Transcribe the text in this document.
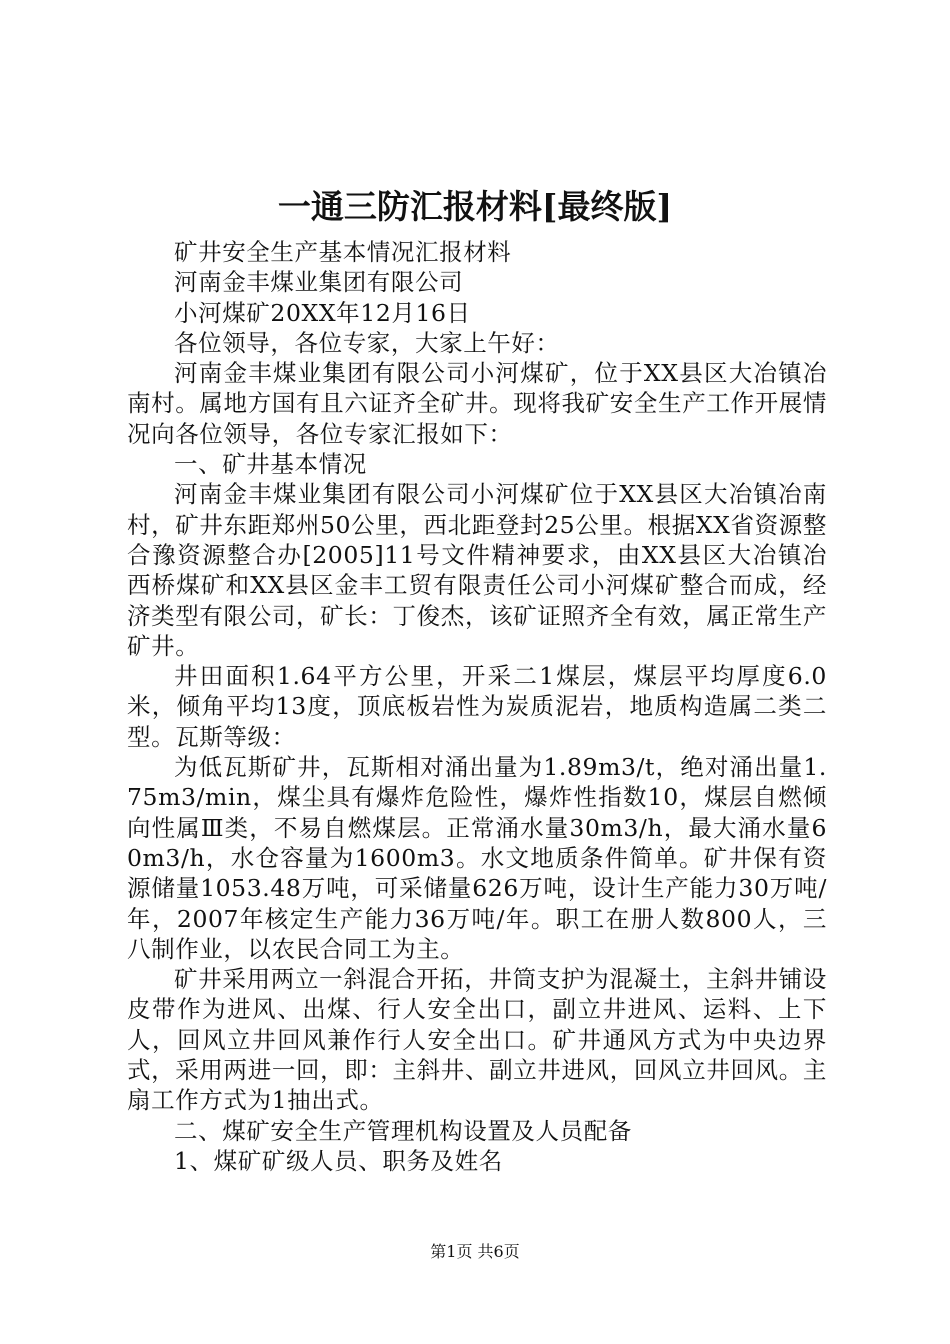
一通三防汇报材料[最终版]

矿井安全生产基本情况汇报材料

河南金丰煤业集团有限公司

小河煤矿20XX年12月16日

各位领导，各位专家，大家上午好：

河南金丰煤业集团有限公司小河煤矿，位于XX县区大冶镇冶南村。属地方国有且六证齐全矿井。现将我矿安全生产工作开展情况向各位领导，各位专家汇报如下：

一、矿井基本情况

河南金丰煤业集团有限公司小河煤矿位于XX县区大冶镇冶南村，矿井东距郑州50公里，西北距登封25公里。根据XX省资源整合豫资源整合办[2005]11号文件精神要求，由XX县区大冶镇冶西桥煤矿和XX县区金丰工贸有限责任公司小河煤矿整合而成，经济类型有限公司，矿长：丁俊杰，该矿证照齐全有效，属正常生产矿井。

井田面积1.64平方公里，开采二1煤层，煤层平均厚度6.0米，倾角平均13度，顶底板岩性为炭质泥岩，地质构造属二类二型。瓦斯等级：

为低瓦斯矿井，瓦斯相对涌出量为1.89m3/t，绝对涌出量1.75m3/min，煤尘具有爆炸危险性，爆炸性指数10，煤层自燃倾向性属Ⅲ类，不易自燃煤层。正常涌水量30m3/h，最大涌水量60m3/h，水仓容量为1600m3。水文地质条件简单。矿井保有资源储量1053.48万吨，可采储量626万吨，设计生产能力30万吨/年，2007年核定生产能力36万吨/年。职工在册人数800人，三八制作业，以农民合同工为主。

矿井采用两立一斜混合开拓，井筒支护为混凝土，主斜井铺设皮带作为进风、出煤、行人安全出口，副立井进风、运料、上下人，回风立井回风兼作行人安全出口。矿井通风方式为中央边界式，采用两进一回，即：主斜井、副立井进风，回风立井回风。主扇工作方式为1抽出式。

二、煤矿安全生产管理机构设置及人员配备

1、煤矿矿级人员、职务及姓名

第1页 共6页
